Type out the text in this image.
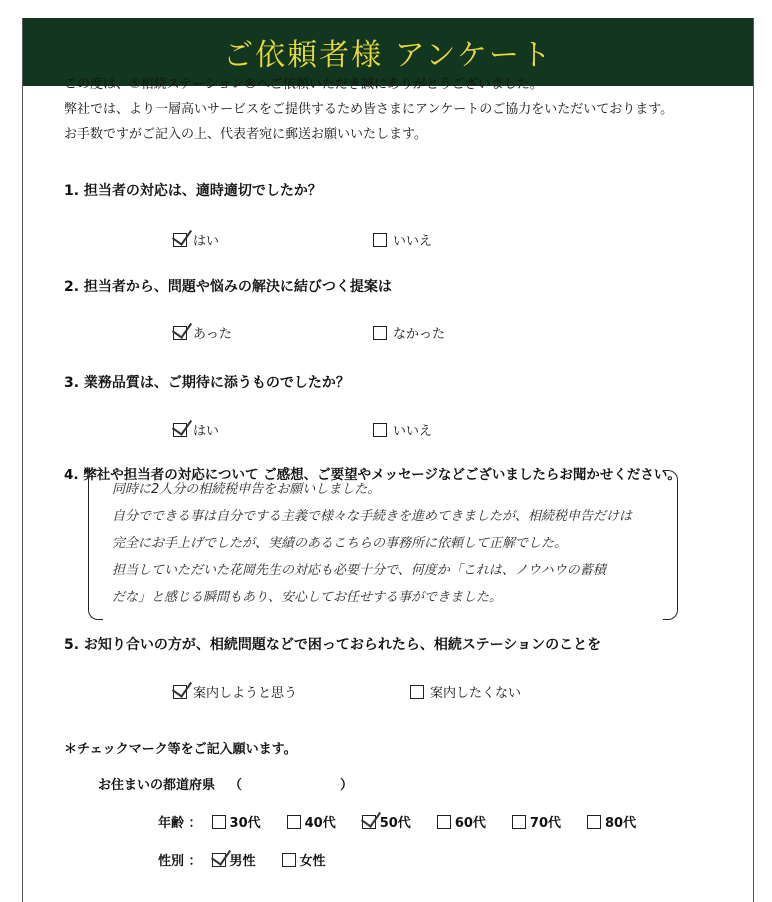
ご依頼者様 アンケート
この度は、⑤相続ステーション®へご依頼いただき誠にありがとうございました。
弊社では、より一層高いサービスをご提供するため皆さまにアンケートのご協力をいただいております。
お手数ですがご記入の上、代表者宛に郵送お願いいたします。
1. 担当者の対応は、適時適切でしたか？
はい	いいえ
2. 担当者から、問題や悩みの解決に結びつく提案は
あった	なかった
3. 業務品質は、ご期待に添うものでしたか？
はい	いいえ
4. 弊社や担当者の対応について ご感想、ご要望やメッセージなどございましたらお聞かせください。
同時に2人分の相続税申告をお願いしました。
自分でできる事は自分でする主義で様々な手続きを進めてきましたが、相続税申告だけは
完全にお手上げでしたが、実績のあるこちらの事務所に依頼して正解でした。
担当していただいた花岡先生の対応も必要十分で、何度か「これは、ノウハウの蓄積
だな」と感じる瞬間もあり、安心してお任せする事ができました。
5. お知り合いの方が、相続問題などで困っておられたら、相続ステーションのことを
案内しようと思う	案内したくない
＊チェックマーク等をご記入願います。
お住まいの都道府県 （	）
年齢 ： 30代	40代	50代	60代	70代	80代
性別 ： 男性	女性
